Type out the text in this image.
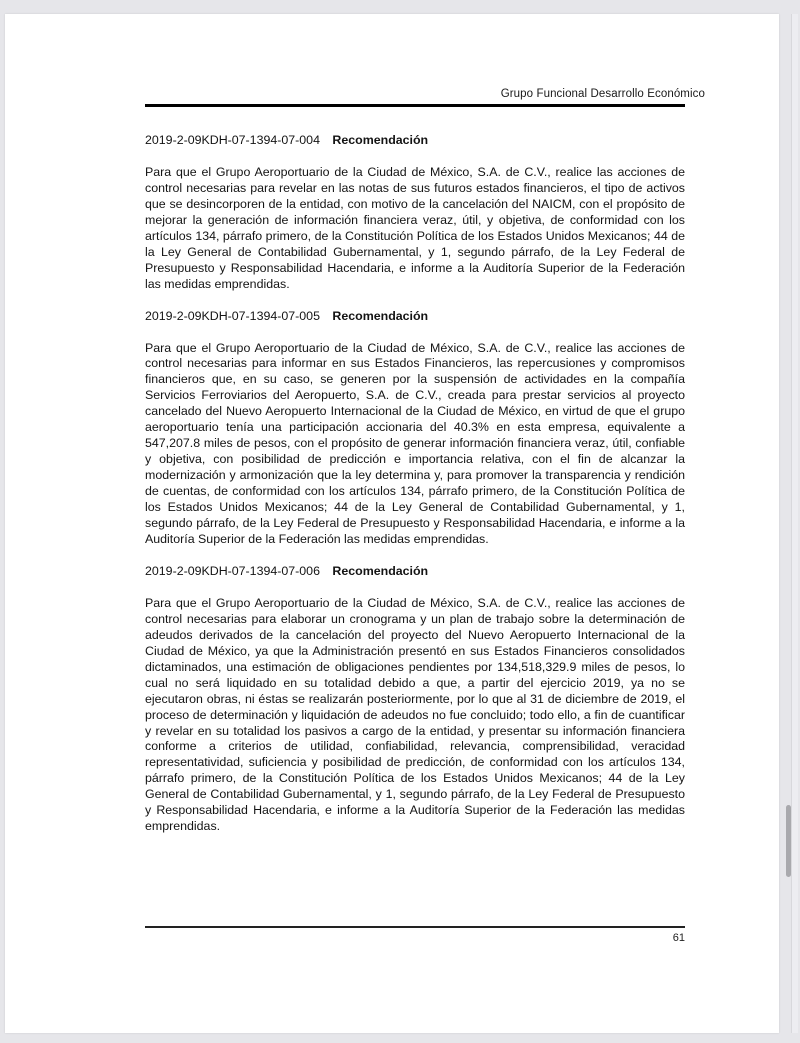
Grupo Funcional Desarrollo Económico
2019-2-09KDH-07-1394-07-004 Recomendación

Para que el Grupo Aeroportuario de la Ciudad de México, S.A. de C.V., realice las acciones de control necesarias para revelar en las notas de sus futuros estados financieros, el tipo de activos que se desincorporen de la entidad, con motivo de la cancelación del NAICM, con el propósito de mejorar la generación de información financiera veraz, útil, y objetiva, de conformidad con los artículos 134, párrafo primero, de la Constitución Política de los Estados Unidos Mexicanos; 44 de la Ley General de Contabilidad Gubernamental, y 1, segundo párrafo, de la Ley Federal de Presupuesto y Responsabilidad Hacendaria, e informe a la Auditoría Superior de la Federación las medidas emprendidas.

2019-2-09KDH-07-1394-07-005 Recomendación

Para que el Grupo Aeroportuario de la Ciudad de México, S.A. de C.V., realice las acciones de control necesarias para informar en sus Estados Financieros, las repercusiones y compromisos financieros que, en su caso, se generen por la suspensión de actividades en la compañía Servicios Ferroviarios del Aeropuerto, S.A. de C.V., creada para prestar servicios al proyecto cancelado del Nuevo Aeropuerto Internacional de la Ciudad de México, en virtud de que el grupo aeroportuario tenía una participación accionaria del 40.3% en esta empresa, equivalente a 547,207.8 miles de pesos, con el propósito de generar información financiera veraz, útil, confiable y objetiva, con posibilidad de predicción e importancia relativa, con el fin de alcanzar la modernización y armonización que la ley determina y, para promover la transparencia y rendición de cuentas, de conformidad con los artículos 134, párrafo primero, de la Constitución Política de los Estados Unidos Mexicanos; 44 de la Ley General de Contabilidad Gubernamental, y 1, segundo párrafo, de la Ley Federal de Presupuesto y Responsabilidad Hacendaria, e informe a la Auditoría Superior de la Federación las medidas emprendidas.

2019-2-09KDH-07-1394-07-006 Recomendación

Para que el Grupo Aeroportuario de la Ciudad de México, S.A. de C.V., realice las acciones de control necesarias para elaborar un cronograma y un plan de trabajo sobre la determinación de adeudos derivados de la cancelación del proyecto del Nuevo Aeropuerto Internacional de la Ciudad de México, ya que la Administración presentó en sus Estados Financieros consolidados dictaminados, una estimación de obligaciones pendientes por 134,518,329.9 miles de pesos, lo cual no será liquidado en su totalidad debido a que, a partir del ejercicio 2019, ya no se ejecutaron obras, ni éstas se realizarán posteriormente, por lo que al 31 de diciembre de 2019, el proceso de determinación y liquidación de adeudos no fue concluido; todo ello, a fin de cuantificar y revelar en su totalidad los pasivos a cargo de la entidad, y presentar su información financiera conforme a criterios de utilidad, confiabilidad, relevancia, comprensibilidad, veracidad representatividad, suficiencia y posibilidad de predicción, de conformidad con los artículos 134, párrafo primero, de la Constitución Política de los Estados Unidos Mexicanos; 44 de la Ley General de Contabilidad Gubernamental, y 1, segundo párrafo, de la Ley Federal de Presupuesto y Responsabilidad Hacendaria, e informe a la Auditoría Superior de la Federación las medidas emprendidas.

61
